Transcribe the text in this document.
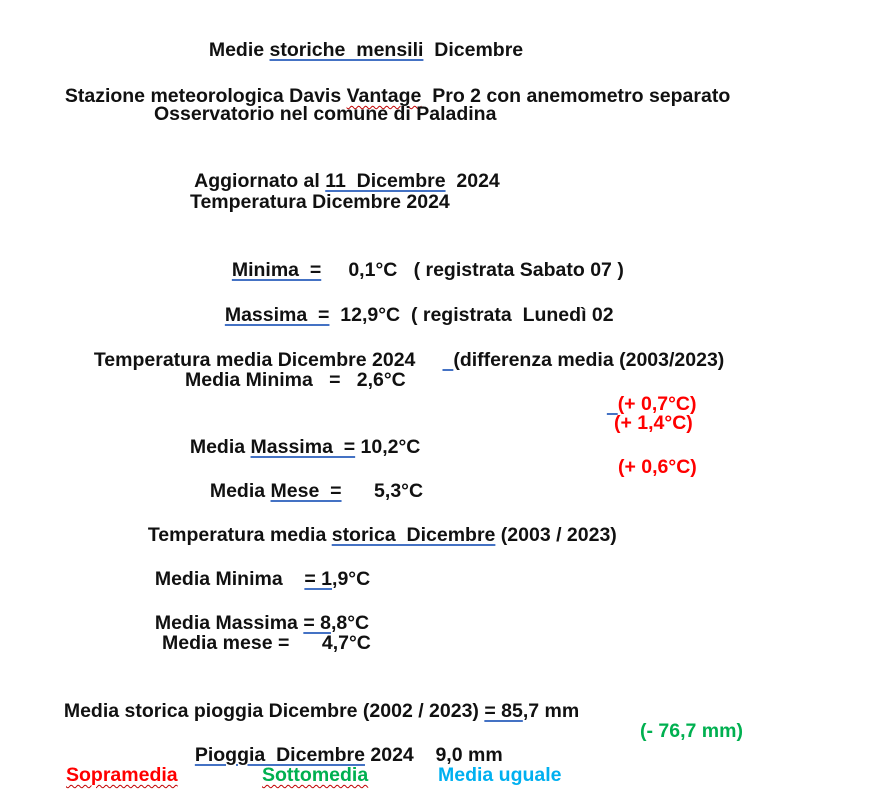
Medie storiche  mensili  Dicembre

Stazione meteorologica Davis Vantage  Pro 2 con anemometro separato

Osservatorio nel comune di Paladina

Aggiornato al 11  Dicembre  2024

Temperatura Dicembre 2024

Minima  =     0,1°C   ( registrata Sabato 07 )

Massima  =  12,9°C  ( registrata  Lunedì 02

Temperatura media Dicembre 2024       (differenza media (2003/2023)

Media Minima   =   2,6°C

(+ 0,7°C)

Media Massima  = 10,2°C

(+ 1,4°C)

Media Mese  =      5,3°C

(+ 0,6°C)

Temperatura media storica  Dicembre (2003 / 2023)

Media Minima    = 1,9°C

Media Massima = 8,8°C

Media mese =      4,7°C

Media storica pioggia Dicembre (2002 / 2023) = 85,7 mm

Pioggia  Dicembre 2024    9,0 mm

(- 76,7 mm)
Sopramedia	Sottomedia	Media uguale
